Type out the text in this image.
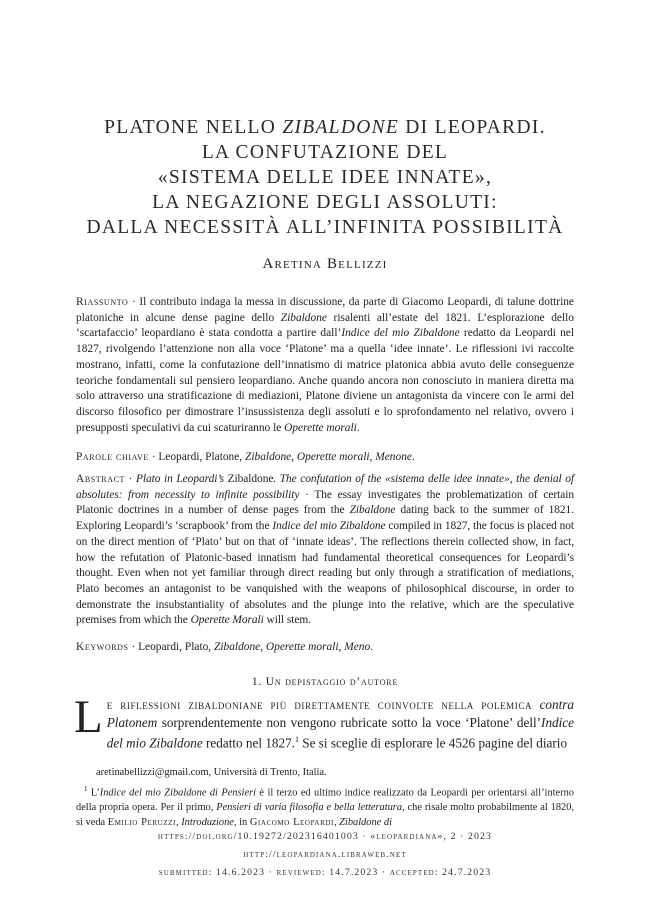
PLATONE NELLO ZIBALDONE DI LEOPARDI.
LA CONFUTAZIONE DEL
«SISTEMA DELLE IDEE INNATE»,
LA NEGAZIONE DEGLI ASSOLUTI:
DALLA NECESSITÀ ALL’INFINITA POSSIBILITÀ
Aretina Bellizzi
Riassunto · Il contributo indaga la messa in discussione, da parte di Giacomo Leopardi, di talune dottrine platoniche in alcune dense pagine dello Zibaldone risalenti all’estate del 1821. L’esplorazione dello ‘scartafaccio’ leopardiano è stata condotta a partire dall’Indice del mio Zibaldone redatto da Leopardi nel 1827, rivolgendo l’attenzione non alla voce ‘Platone’ ma a quella ‘idee innate’. Le riflessioni ivi raccolte mostrano, infatti, come la confutazione dell’innatismo di matrice platonica abbia avuto delle conseguenze teoriche fondamentali sul pensiero leopardiano. Anche quando ancora non conosciuto in maniera diretta ma solo attraverso una stratificazione di mediazioni, Platone diviene un antagonista da vincere con le armi del discorso filosofico per dimostrare l’insussistenza degli assoluti e lo sprofondamento nel relativo, ovvero i presupposti speculativi da cui scaturiranno le Operette morali.
Parole chiave · Leopardi, Platone, Zibaldone, Operette morali, Menone.
Abstract · Plato in Leopardi’s Zibaldone. The confutation of the «sistema delle idee innate», the denial of absolutes: from necessity to infinite possibility · The essay investigates the problematization of certain Platonic doctrines in a number of dense pages from the Zibaldone dating back to the summer of 1821. Exploring Leopardi’s ‘scrapbook’ from the Indice del mio Zibaldone compiled in 1827, the focus is placed not on the direct mention of ‘Plato’ but on that of ‘innate ideas’. The reflections therein collected show, in fact, how the refutation of Platonic-based innatism had fundamental theoretical consequences for Leopardi’s thought. Even when not yet familiar through direct reading but only through a stratification of mediations, Plato becomes an antagonist to be vanquished with the weapons of philosophical discourse, in order to demonstrate the insubstantiality of absolutes and the plunge into the relative, which are the speculative premises from which the Operette Morali will stem.
Keywords · Leopardi, Plato, Zibaldone, Operette morali, Meno.
1. Un depistaggio d’autore
Le riflessioni zibaldoniane più direttamente coinvolte nella polemica contra Platonem sorprendentemente non vengono rubricate sotto la voce ‘Platone’ dell’Indice del mio Zibaldone redatto nel 1827.$^1$ Se si sceglie di esplorare le 4526 pagine del diario
aretinabellizzi@gmail.com, Università di Trento, Italia.
$^1$ L’Indice del mio Zibaldone di Pensieri è il terzo ed ultimo indice realizzato da Leopardi per orientarsi all’interno della propria opera. Per il primo, Pensieri di varia filosofia e bella letteratura, che risale molto probabilmente al 1820, si veda Emilio Peruzzi, Introduzione, in Giacomo Leopardi, Zibaldone di
https://doi.org/10.19272/202316401003 · «leopardiana», 2 · 2023
http://leopardiana.libraweb.net
submitted: 14.6.2023 · reviewed: 14.7.2023 · accepted: 24.7.2023
